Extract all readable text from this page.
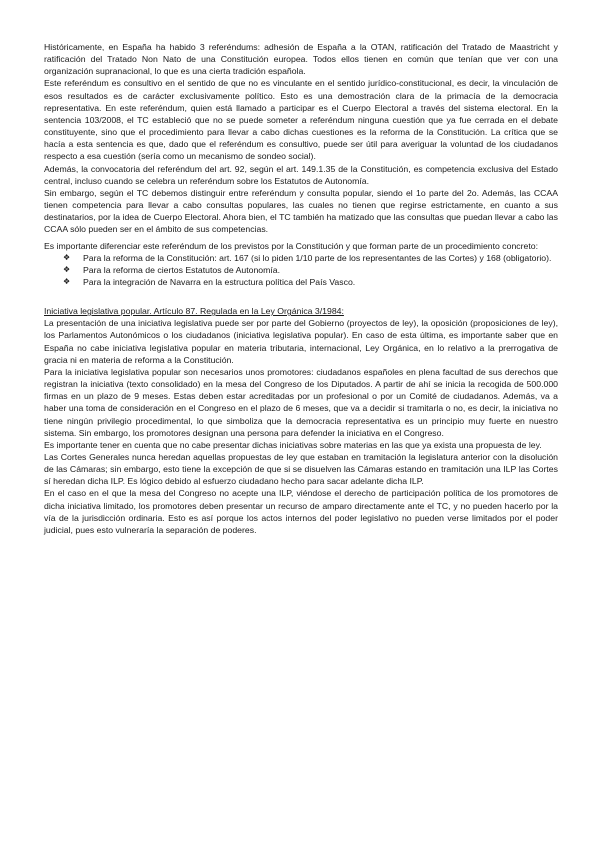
Históricamente, en España ha habido 3 referéndums: adhesión de España a la OTAN, ratificación del Tratado de Maastricht y ratificación del Tratado Non Nato de una Constitución europea. Todos ellos tienen en común que tenían que ver con una organización supranacional, lo que es una cierta tradición española.

Este referéndum es consultivo en el sentido de que no es vinculante en el sentido jurídico-constitucional, es decir, la vinculación de esos resultados es de carácter exclusivamente político. Esto es una demostración clara de la primacía de la democracia representativa. En este referéndum, quien está llamado a participar es el Cuerpo Electoral a través del sistema electoral. En la sentencia 103/2008, el TC estableció que no se puede someter a referéndum ninguna cuestión que ya fue cerrada en el debate constituyente, sino que el procedimiento para llevar a cabo dichas cuestiones es la reforma de la Constitución. La crítica que se hacía a esta sentencia es que, dado que el referéndum es consultivo, puede ser útil para averiguar la voluntad de los ciudadanos respecto a esa cuestión (sería como un mecanismo de sondeo social).

Además, la convocatoria del referéndum del art. 92, según el art. 149.1.35 de la Constitución, es competencia exclusiva del Estado central, incluso cuando se celebra un referéndum sobre los Estatutos de Autonomía.

Sin embargo, según el TC debemos distinguir entre referéndum y consulta popular, siendo el 1o parte del 2o. Además, las CCAA tienen competencia para llevar a cabo consultas populares, las cuales no tienen que regirse estrictamente, en cuanto a sus destinatarios, por la idea de Cuerpo Electoral. Ahora bien, el TC también ha matizado que las consultas que puedan llevar a cabo las CCAA sólo pueden ser en el ámbito de sus competencias.

Es importante diferenciar este referéndum de los previstos por la Constitución y que forman parte de un procedimiento concreto:

❖ Para la reforma de la Constitución: art. 167 (si lo piden 1/10 parte de los representantes de las Cortes) y 168 (obligatorio).
❖ Para la reforma de ciertos Estatutos de Autonomía.
❖ Para la integración de Navarra en la estructura política del País Vasco.

Iniciativa legislativa popular. Artículo 87. Regulada en la Ley Orgánica 3/1984:

La presentación de una iniciativa legislativa puede ser por parte del Gobierno (proyectos de ley), la oposición (proposiciones de ley), los Parlamentos Autonómicos o los ciudadanos (iniciativa legislativa popular). En caso de esta última, es importante saber que en España no cabe iniciativa legislativa popular en materia tributaria, internacional, Ley Orgánica, en lo relativo a la prerrogativa de gracia ni en materia de reforma a la Constitución.

Para la iniciativa legislativa popular son necesarios unos promotores: ciudadanos españoles en plena facultad de sus derechos que registran la iniciativa (texto consolidado) en la mesa del Congreso de los Diputados. A partir de ahí se inicia la recogida de 500.000 firmas en un plazo de 9 meses. Estas deben estar acreditadas por un profesional o por un Comité de ciudadanos. Además, va a haber una toma de consideración en el Congreso en el plazo de 6 meses, que va a decidir si tramitarla o no, es decir, la iniciativa no tiene ningún privilegio procedimental, lo que simboliza que la democracia representativa es un principio muy fuerte en nuestro sistema. Sin embargo, los promotores designan una persona para defender la iniciativa en el Congreso.

Es importante tener en cuenta que no cabe presentar dichas iniciativas sobre materias en las que ya exista una propuesta de ley.

Las Cortes Generales nunca heredan aquellas propuestas de ley que estaban en tramitación la legislatura anterior con la disolución de las Cámaras; sin embargo, esto tiene la excepción de que si se disuelven las Cámaras estando en tramitación una ILP las Cortes sí heredan dicha ILP. Es lógico debido al esfuerzo ciudadano hecho para sacar adelante dicha ILP.

En el caso en el que la mesa del Congreso no acepte una ILP, viéndose el derecho de participación política de los promotores de dicha iniciativa limitado, los promotores deben presentar un recurso de amparo directamente ante el TC, y no pueden hacerlo por la vía de la jurisdicción ordinaria. Esto es así porque los actos internos del poder legislativo no pueden verse limitados por el poder judicial, pues esto vulneraría la separación de poderes.
